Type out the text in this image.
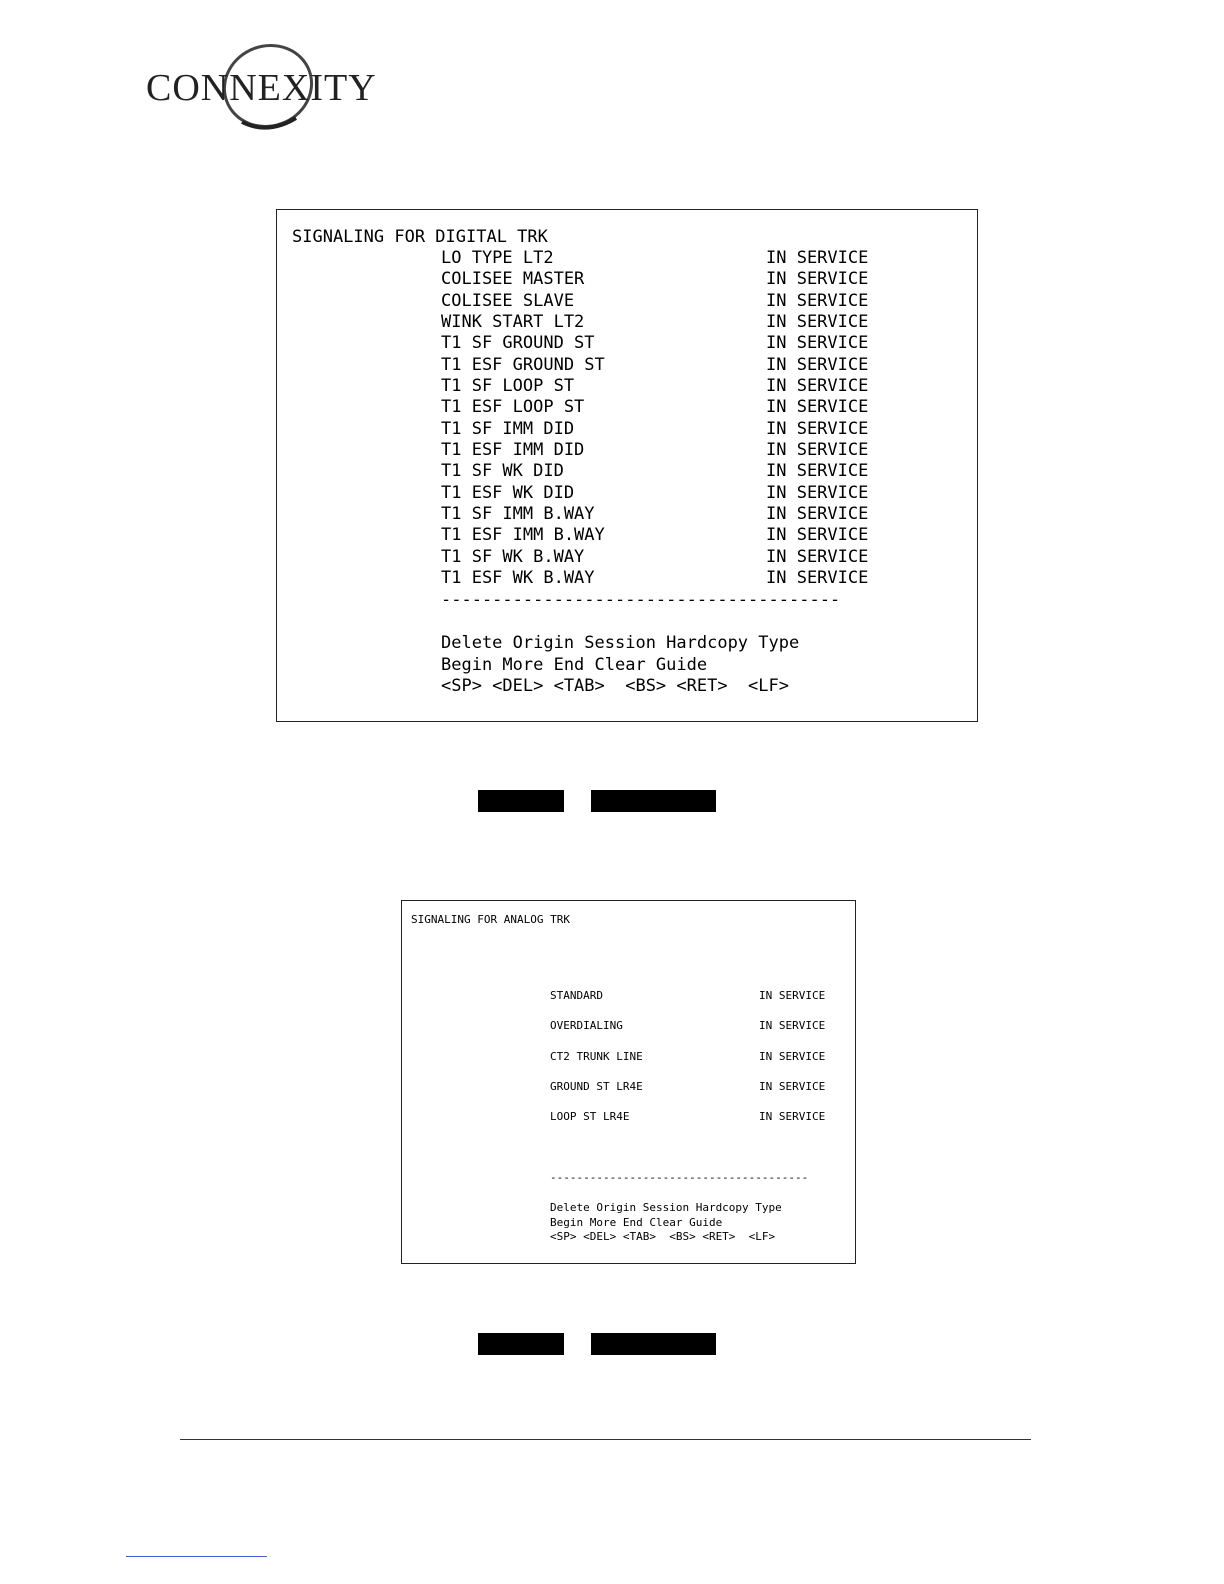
CONNEXITY
SIGNALING FOR DIGITAL TRK
LO TYPE LT2	IN SERVICE
COLISEE MASTER	IN SERVICE
COLISEE SLAVE	IN SERVICE
WINK START LT2	IN SERVICE
T1 SF GROUND ST	IN SERVICE
T1 ESF GROUND ST	IN SERVICE
T1 SF LOOP ST	IN SERVICE
T1 ESF LOOP ST	IN SERVICE
T1 SF IMM DID	IN SERVICE
T1 ESF IMM DID	IN SERVICE
T1 SF WK DID	IN SERVICE
T1 ESF WK DID	IN SERVICE
T1 SF IMM B.WAY	IN SERVICE
T1 ESF IMM B.WAY	IN SERVICE
T1 SF WK B.WAY	IN SERVICE
T1 ESF WK B.WAY	IN SERVICE
---------------------------------------
Delete Origin Session Hardcopy Type
Begin More End Clear Guide
<SP> <DEL> <TAB>  <BS> <RET>  <LF>
SIGNALING FOR ANALOG TRK
STANDARD	IN SERVICE
OVERDIALING	IN SERVICE
CT2 TRUNK LINE	IN SERVICE
GROUND ST LR4E	IN SERVICE
LOOP ST LR4E	IN SERVICE
---------------------------------------
Delete Origin Session Hardcopy Type
Begin More End Clear Guide
<SP> <DEL> <TAB>  <BS> <RET>  <LF>
